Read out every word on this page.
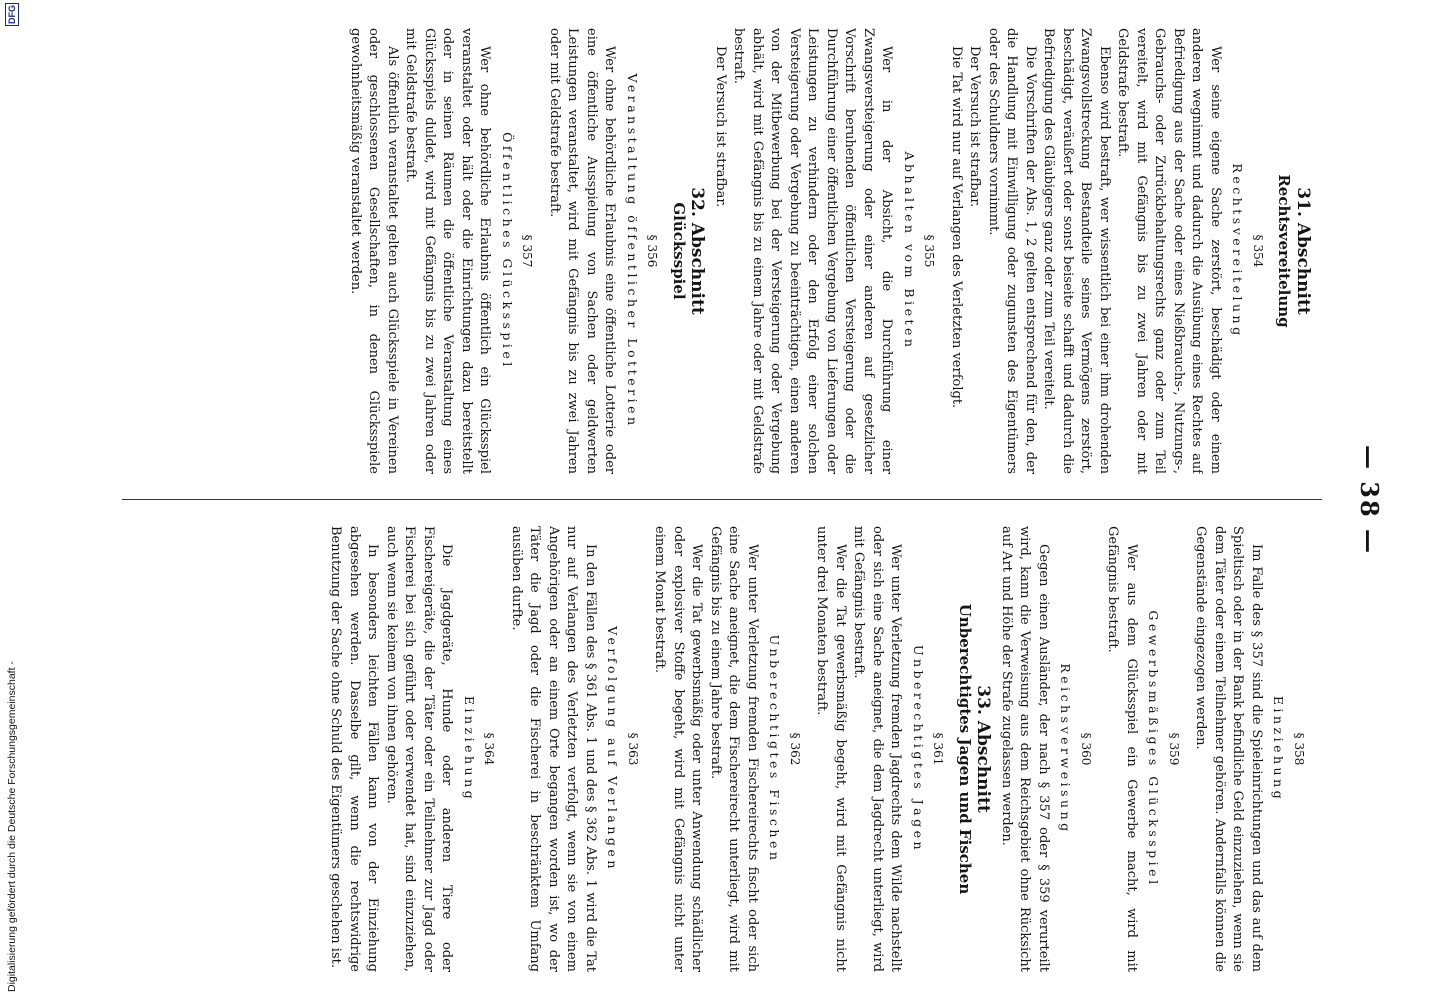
— 38 —
31. Abschnitt
Rechtsvereitelung
§ 354
Rechtsvereitelung

Wer seine eigene Sache zerstört, beschädigt oder einem anderen wegnimmt und dadurch die Ausübung eines Rechtes auf Befriedigung aus der Sache oder eines Nießbrauchs-, Nutzungs-, Gebrauchs- oder Zurückbehaltungsrechts ganz oder zum Teil vereitelt, wird mit Gefängnis bis zu zwei Jahren oder mit Geldstrafe bestraft.

Ebenso wird bestraft, wer wissentlich bei einer ihm drohenden Zwangsvollstreckung Bestandteile seines Vermögens zerstört, beschädigt, veräußert oder sonst beiseite schafft und dadurch die Befriedigung des Gläubigers ganz oder zum Teil vereitelt.

Die Vorschriften der Abs. 1, 2 gelten entsprechend für den, der die Handlung mit Einwilligung oder zugunsten des Eigentümers oder des Schuldners vornimmt.

Der Versuch ist strafbar.

Die Tat wird nur auf Verlangen des Verletzten verfolgt.

§ 355
Abhalten vom Bieten

Wer in der Absicht, die Durchführung einer Zwangsversteigerung oder einer anderen auf gesetzlicher Vorschrift beruhenden öffentlichen Versteigerung oder die Durchführung einer öffentlichen Vergebung von Lieferungen oder Leistungen zu verhindern oder den Erfolg einer solchen Versteigerung oder Vergebung zu beeinträchtigen, einen anderen von der Mitbewerbung bei der Versteigerung oder Vergebung abhält, wird mit Gefängnis bis zu einem Jahre oder mit Geldstrafe bestraft.

Der Versuch ist strafbar.

32. Abschnitt
Glücksspiel
§ 356
Veranstaltung öffentlicher Lotterien

Wer ohne behördliche Erlaubnis eine öffentliche Lotterie oder eine öffentliche Ausspielung von Sachen oder geldwerten Leistungen veranstaltet, wird mit Gefängnis bis zu zwei Jahren oder mit Geldstrafe bestraft.

§ 357
Öffentliches Glücksspiel

Wer ohne behördliche Erlaubnis öffentlich ein Glücksspiel veranstaltet oder hält oder die Einrichtungen dazu bereitstellt oder in seinen Räumen die öffentliche Veranstaltung eines Glücksspiels duldet, wird mit Gefängnis bis zu zwei Jahren oder mit Geldstrafe bestraft.

Als öffentlich veranstaltet gelten auch Glücksspiele in Vereinen oder geschlossenen Gesellschaften, in denen Glücksspiele gewohnheitsmäßig veranstaltet werden.

§ 358
Einziehung

Im Falle des § 357 sind die Spieleinrichtungen und das auf dem Spieltisch oder in der Bank befindliche Geld einzuziehen, wenn sie dem Täter oder einem Teilnehmer gehören. Andernfalls können die Gegenstände eingezogen werden.

§ 359
Gewerbsmäßiges Glücksspiel

Wer aus dem Glücksspiel ein Gewerbe macht, wird mit Gefängnis bestraft.

§ 360
Reichsverweisung

Gegen einen Ausländer, der nach § 357 oder § 359 verurteilt wird, kann die Verweisung aus dem Reichsgebiet ohne Rücksicht auf Art und Höhe der Strafe zugelassen werden.

33. Abschnitt
Unberechtigtes Jagen und Fischen
§ 361
Unberechtigtes Jagen

Wer unter Verletzung fremden Jagdrechts dem Wilde nachstellt oder sich eine Sache aneignet, die dem Jagdrecht unterliegt, wird mit Gefängnis bestraft.

Wer die Tat gewerbsmäßig begeht, wird mit Gefängnis nicht unter drei Monaten bestraft.

§ 362
Unberechtigtes Fischen

Wer unter Verletzung fremden Fischereirechts fischt oder sich eine Sache aneignet, die dem Fischereirecht unterliegt, wird mit Gefängnis bis zu einem Jahre bestraft.

Wer die Tat gewerbsmäßig oder unter Anwendung schädlicher oder explosiver Stoffe begeht, wird mit Gefängnis nicht unter einem Monat bestraft.

§ 363
Verfolgung auf Verlangen

In den Fällen des § 361 Abs. 1 und des § 362 Abs. 1 wird die Tat nur auf Verlangen des Verletzten verfolgt, wenn sie von einem Angehörigen oder an einem Orte begangen worden ist, wo der Täter die Jagd oder die Fischerei in beschränktem Umfang ausüben durfte.

§ 364
Einziehung

Die Jagdgeräte, Hunde oder anderen Tiere oder Fischereigeräte, die der Täter oder ein Teilnehmer zur Jagd oder Fischerei bei sich geführt oder verwendet hat, sind einzuziehen, auch wenn sie keinem von ihnen gehören.

In besonders leichten Fällen kann von der Einziehung abgesehen werden. Dasselbe gilt, wenn die rechtswidrige Benutzung der Sache ohne Schuld des Eigentümers geschehen ist.

Digitalisierung gefördert durch die Deutsche Forschungsgemeinschaft -
DFG
